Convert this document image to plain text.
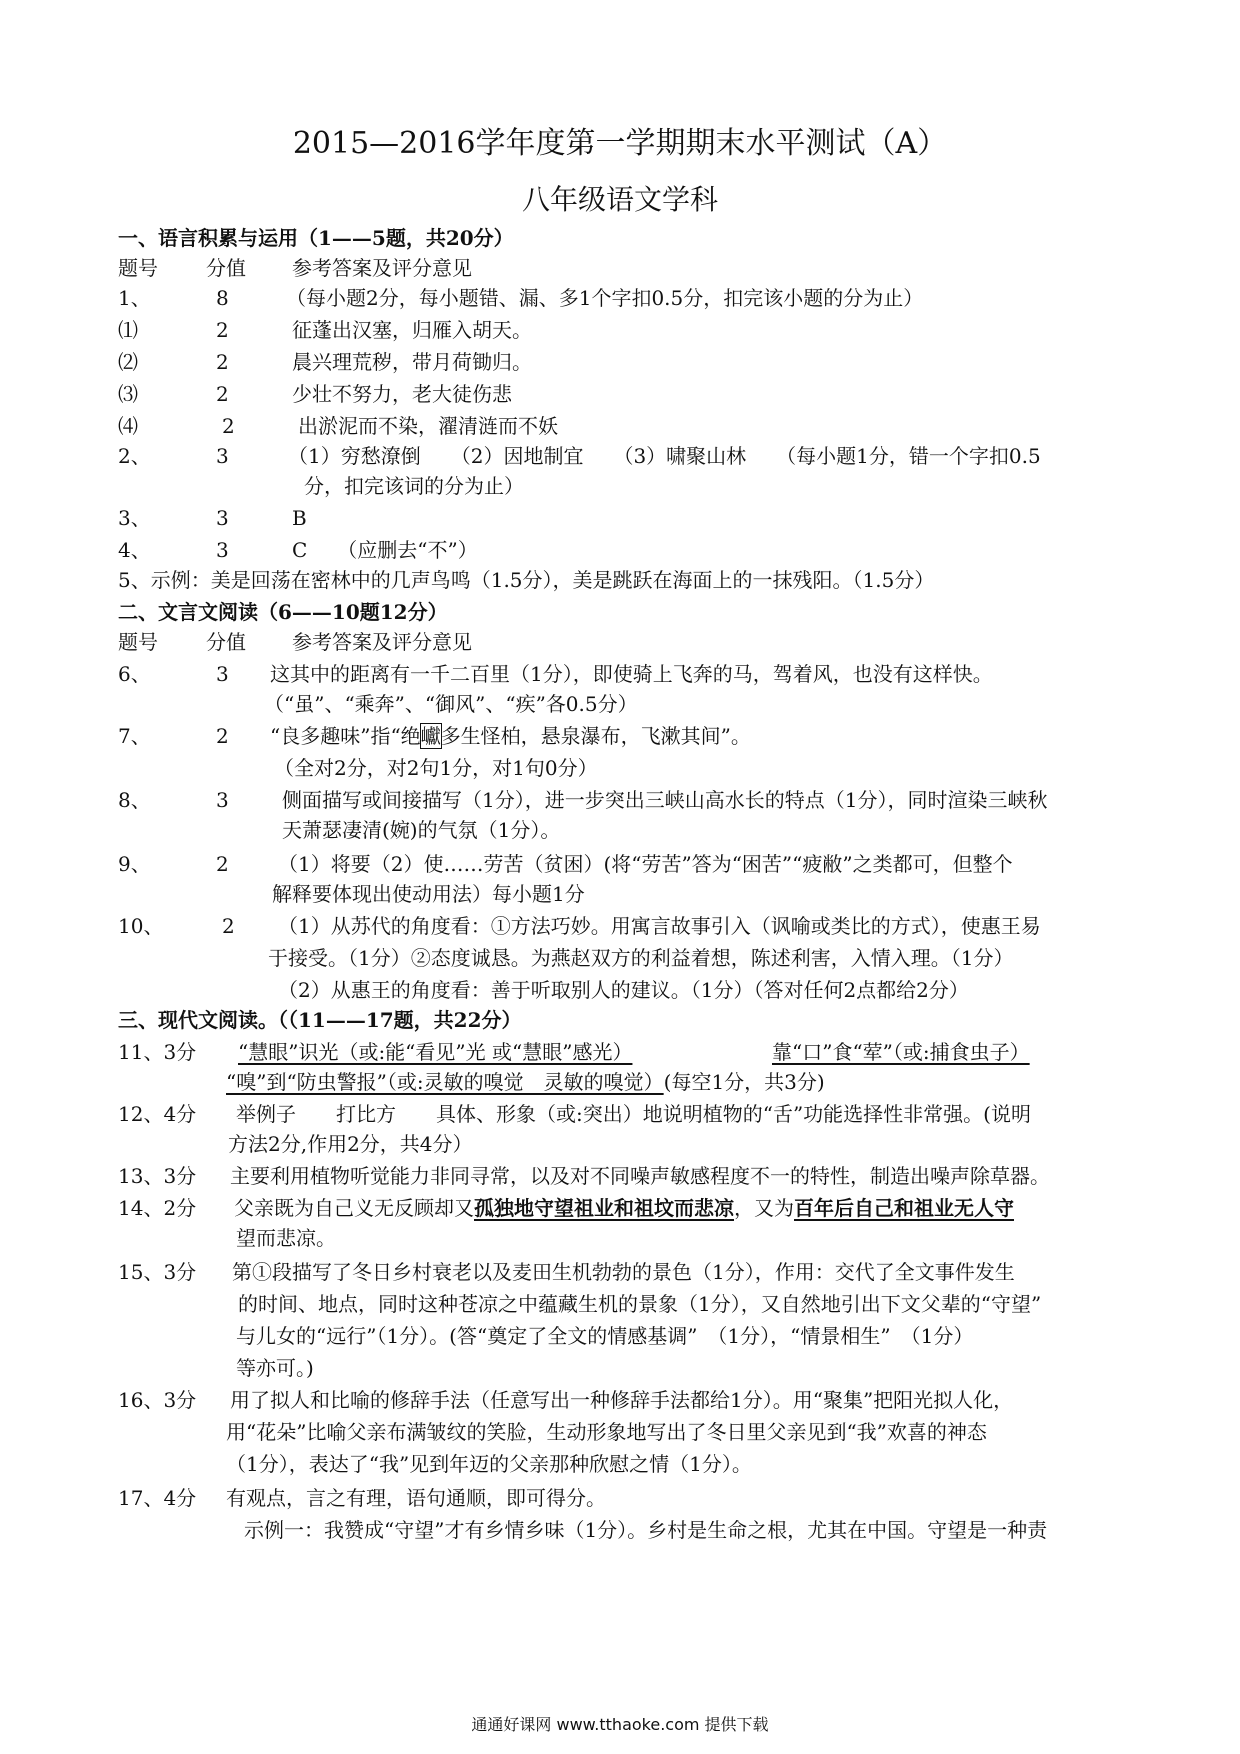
2015—2016学年度第一学期期末水平测试（A）
八年级语文学科
一、语言积累与运用（1——5题，共20分）
题号 分值 参考答案及评分意见
1、	8	（每小题2分，每小题错、漏、多1个字扣0.5分，扣完该小题的分为止）
⑴	2	征蓬出汉塞，归雁入胡天。
⑵	2	晨兴理荒秽，带月荷锄归。
⑶	2	少壮不努力，老大徒伤悲
⑷	2	出淤泥而不染，濯清涟而不妖
2、	3	（1）穷愁潦倒　　（2）因地制宜　　（3）啸聚山林　　（每小题1分，错一个字扣0.5
分，扣完该词的分为止）
3、	3	B
4、	3	C　　（应删去“不”）
5、示例：美是回荡在密林中的几声鸟鸣（1.5分），美是跳跃在海面上的一抹残阳。（1.5分）
二、文言文阅读（6——10题12分）
题号 分值 参考答案及评分意见
6、	3 这其中的距离有一千二百里（1分），即使骑上飞奔的马，驾着风，也没有这样快。
（“虽”、“乘奔”、“御风”、“疾”各0.5分）
7、	2 “良多趣味”指“绝巘多生怪柏，悬泉瀑布，飞漱其间”。
（全对2分，对2句1分，对1句0分）
8、	3	侧面描写或间接描写（1分），进一步突出三峡山高水长的特点（1分），同时渲染三峡秋
天萧瑟凄清(婉)的气氛（1分）。
9、	2 （1）将要（2）使……劳苦（贫困）(将“劳苦”答为“困苦”“疲敝”之类都可，但整个
解释要体现出使动用法）每小题1分
10、	2 （1）从苏代的角度看：①方法巧妙。用寓言故事引入（讽喻或类比的方式），使惠王易
于接受。（1分）②态度诚恳。为燕赵双方的利益着想，陈述利害，入情入理。（1分）
（2）从惠王的角度看：善于听取别人的建议。（1分）（答对任何2点都给2分）
三、现代文阅读。（（11——17题，共22分）
11、3分 “慧眼”识光（或:能“看见”光 或“慧眼”感光）	靠“口”食“荤”（或:捕食虫子）
“嗅”到“防虫警报”（或:灵敏的嗅觉　灵敏的嗅觉）(每空1分，共3分)
12、4分 举例子　　打比方　　具体、形象（或:突出）地说明植物的“舌”功能选择性非常强。(说明
方法2分,作用2分，共4分）
13、3分 主要利用植物听觉能力非同寻常，以及对不同噪声敏感程度不一的特性，制造出噪声除草器。
14、2分 父亲既为自己义无反顾却又孤独地守望祖业和祖坟而悲凉，又为百年后自己和祖业无人守
望而悲凉。
15、3分 第①段描写了冬日乡村衰老以及麦田生机勃勃的景色（1分），作用：交代了全文事件发生
的时间、地点，同时这种苍凉之中蕴藏生机的景象（1分），又自然地引出下文父辈的“守望”
与儿女的“远行”（1分）。(答“奠定了全文的情感基调”　（1分），“情景相生”　（1分）
等亦可。)
16、3分 用了拟人和比喻的修辞手法（任意写出一种修辞手法都给1分）。用“聚集”把阳光拟人化，
用“花朵”比喻父亲布满皱纹的笑脸，生动形象地写出了冬日里父亲见到“我”欢喜的神态
（1分），表达了“我”见到年迈的父亲那种欣慰之情（1分）。
17、4分 有观点，言之有理，语句通顺，即可得分。
示例一：我赞成“守望”才有乡情乡味（1分）。乡村是生命之根，尤其在中国。守望是一种责
通通好课网 www.tthaoke.com 提供下载
